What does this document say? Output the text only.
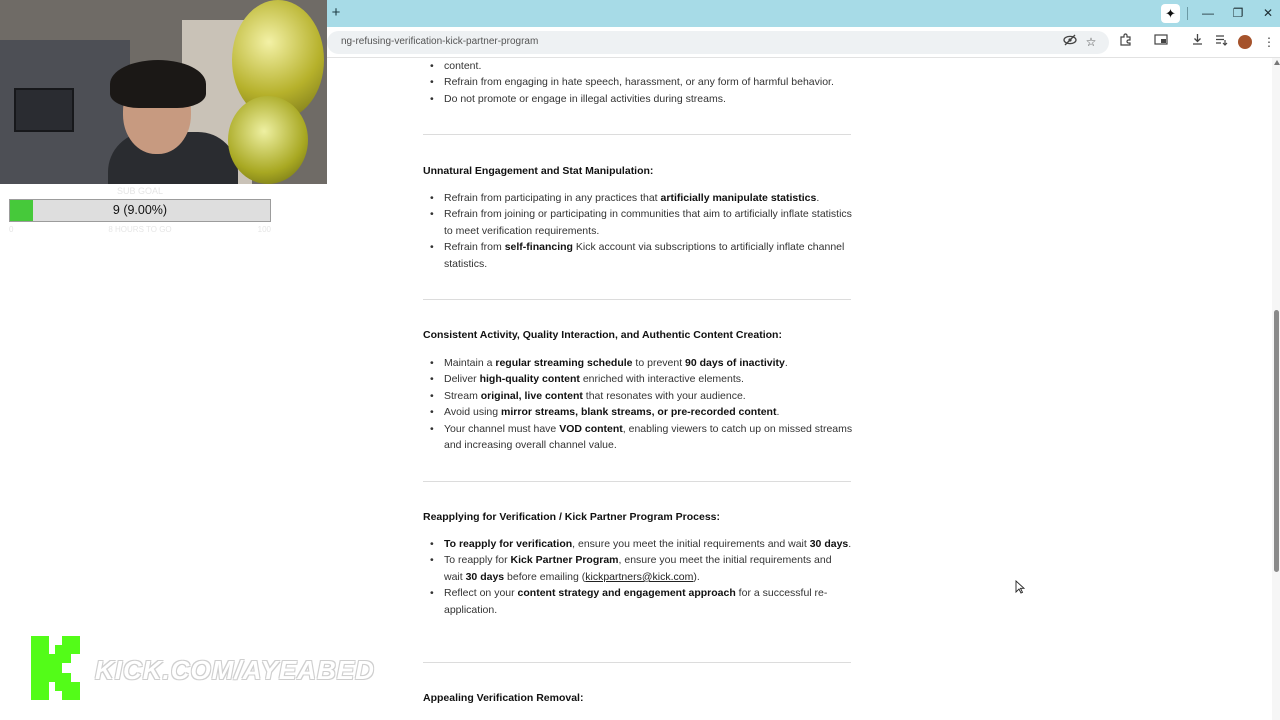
+	✦	—	❐	✕
ng-refusing-verification-kick-partner-program	☆	⋮
• content.
• Refrain from engaging in hate speech, harassment, or any form of harmful behavior.
• Do not promote or engage in illegal activities during streams.
Unnatural Engagement and Stat Manipulation:
• Refrain from participating in any practices that artificially manipulate statistics.
• Refrain from joining or participating in communities that aim to artificially inflate statistics to meet verification requirements.
• Refrain from self-financing Kick account via subscriptions to artificially inflate channel statistics.
Consistent Activity, Quality Interaction, and Authentic Content Creation:
• Maintain a regular streaming schedule to prevent 90 days of inactivity.
• Deliver high-quality content enriched with interactive elements.
• Stream original, live content that resonates with your audience.
• Avoid using mirror streams, blank streams, or pre-recorded content.
• Your channel must have VOD content, enabling viewers to catch up on missed streams and increasing overall channel value.
Reapplying for Verification / Kick Partner Program Process:
• To reapply for verification, ensure you meet the initial requirements and wait 30 days.
• To reapply for Kick Partner Program, ensure you meet the initial requirements and wait 30 days before emailing (kickpartners@kick.com).
• Reflect on your content strategy and engagement approach for a successful re-application.
Appealing Verification Removal:
SUB GOAL
9 (9.00%)
0	8 HOURS TO GO	100
KICK.COM/AYEABED
